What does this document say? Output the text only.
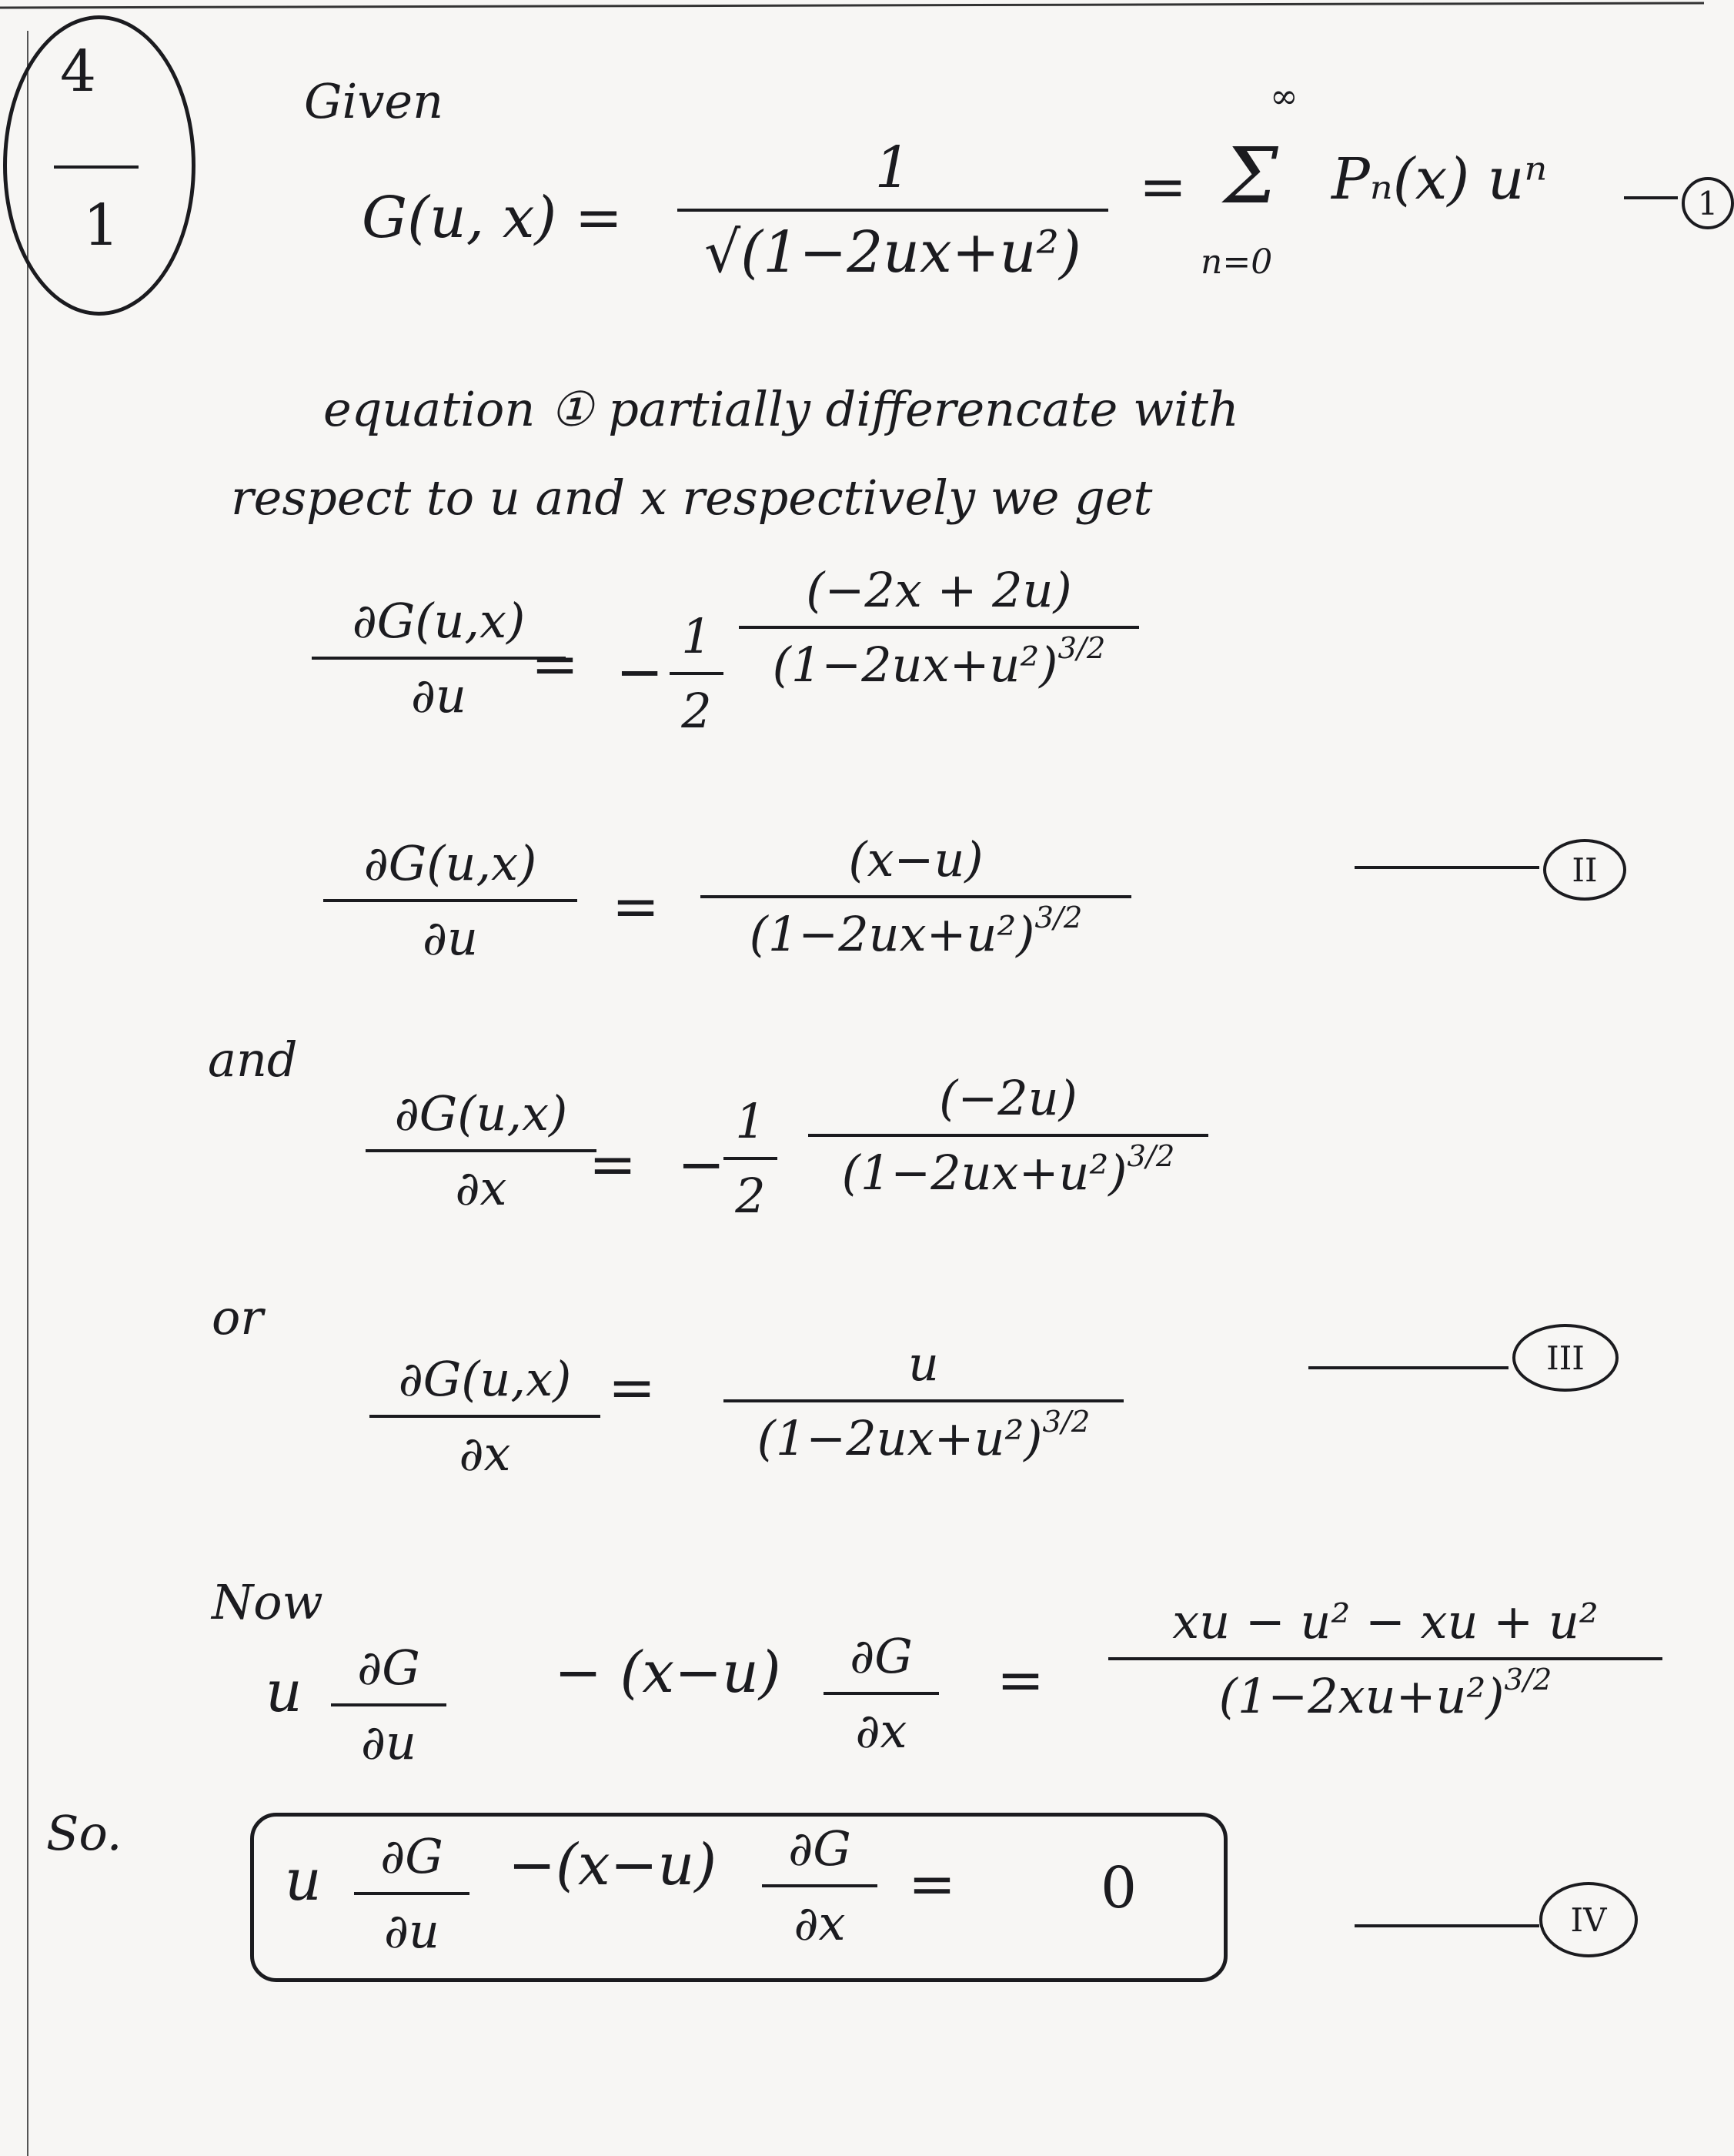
4
1
Given
G(u, x) =
1
√(1−2ux+u²)
=
∞
Σ
n=0
Pₙ(x) uⁿ	1
equation ① partially differencate with
respect to u and x respectively we get
∂G(u,x)
∂u	= −
1
2
(−2x + 2u)
$(1-2ux+u^2)^{3/2}$
∂G(u,x)
∂u	=
(x−u)
$(1-2ux+u^2)^{3/2}$
II
and
∂G(u,x)
∂x	= −
1
2
(−2u)
$(1-2ux+u^2)^{3/2}$
or
∂G(u,x)
∂x
=	u
$(1-2ux+u^2)^{3/2}$
III
Now
u	∂G
∂u
− (x−u)	∂G
∂x
=
xu − u² − xu + u²
$(1-2xu+u^2)^{3/2}$
So.
u	∂G
∂u
−(x−u)	∂G
∂x
=	0	IV
